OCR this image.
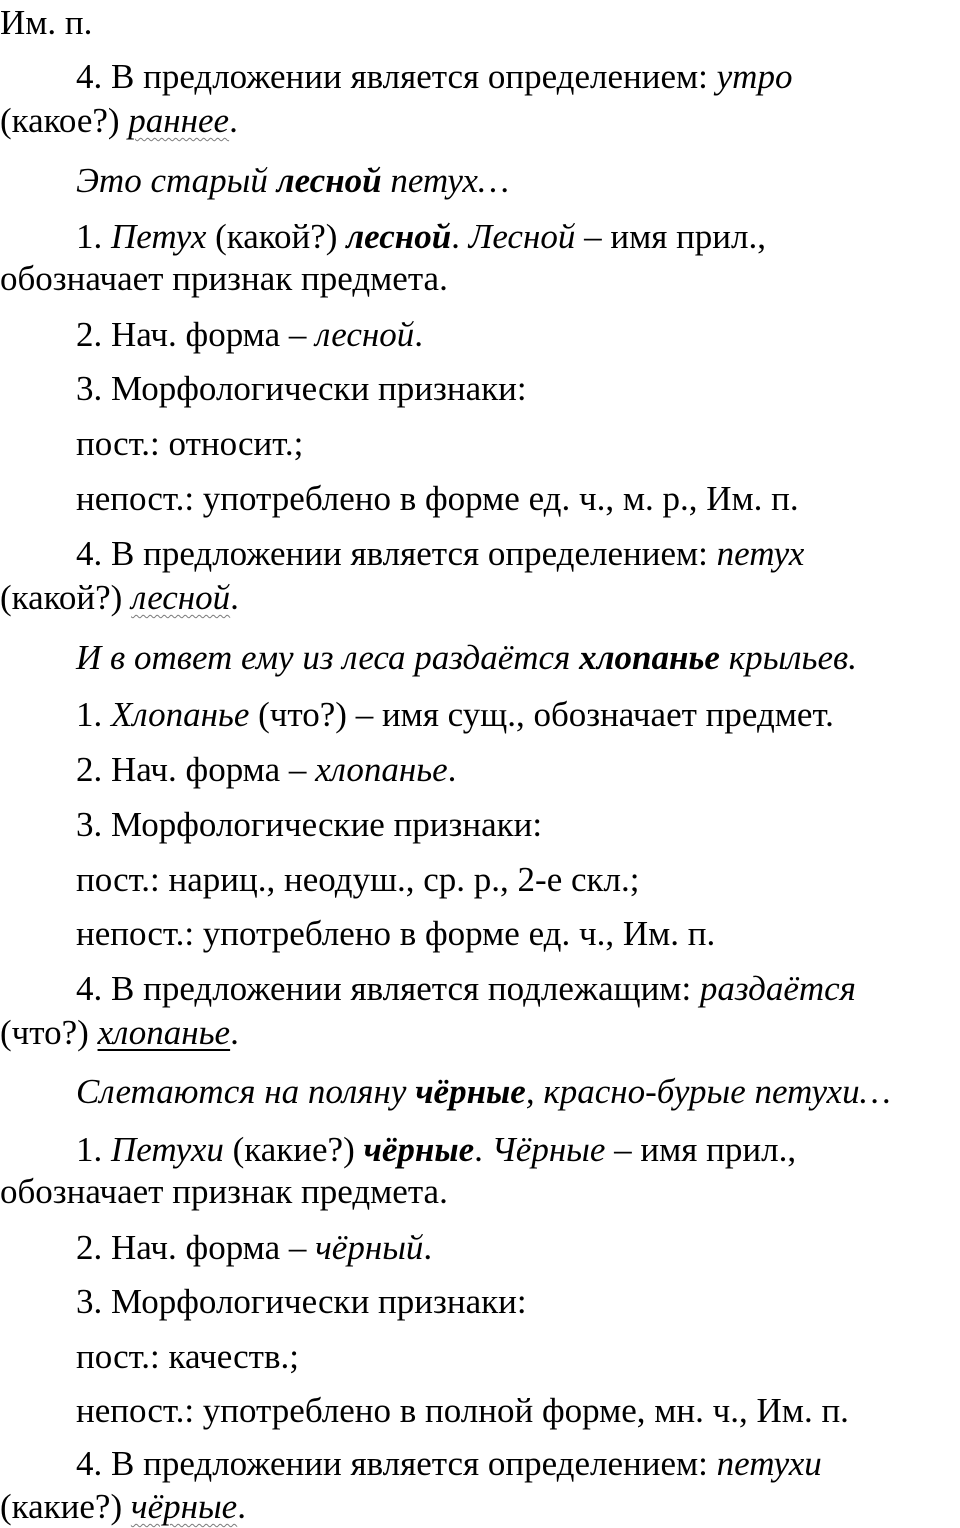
Им. п.
4. В предложении является определением: утро
(какое?) раннее.
Это старый лесной петух…
1. Петух (какой?) лесной. Лесной – имя прил.,
обозначает признак предмета.
2. Нач. форма – лесной.
3. Морфологически признаки:
пост.: относит.;
непост.: употреблено в форме ед. ч., м. р., Им. п.
4. В предложении является определением: петух
(какой?) лесной.
И в ответ ему из леса раздаётся хлопанье крыльев.
1. Хлопанье (что?) – имя сущ., обозначает предмет.
2. Нач. форма – хлопанье.
3. Морфологические признаки:
пост.: нариц., неодуш., ср. р., 2-е скл.;
непост.: употреблено в форме ед. ч., Им. п.
4. В предложении является подлежащим: раздаётся
(что?) хлопанье.
Слетаются на поляну чёрные, красно-бурые петухи…
1. Петухи (какие?) чёрные. Чёрные – имя прил.,
обозначает признак предмета.
2. Нач. форма – чёрный.
3. Морфологически признаки:
пост.: качеств.;
непост.: употреблено в полной форме, мн. ч., Им. п.
4. В предложении является определением: петухи
(какие?) чёрные.
